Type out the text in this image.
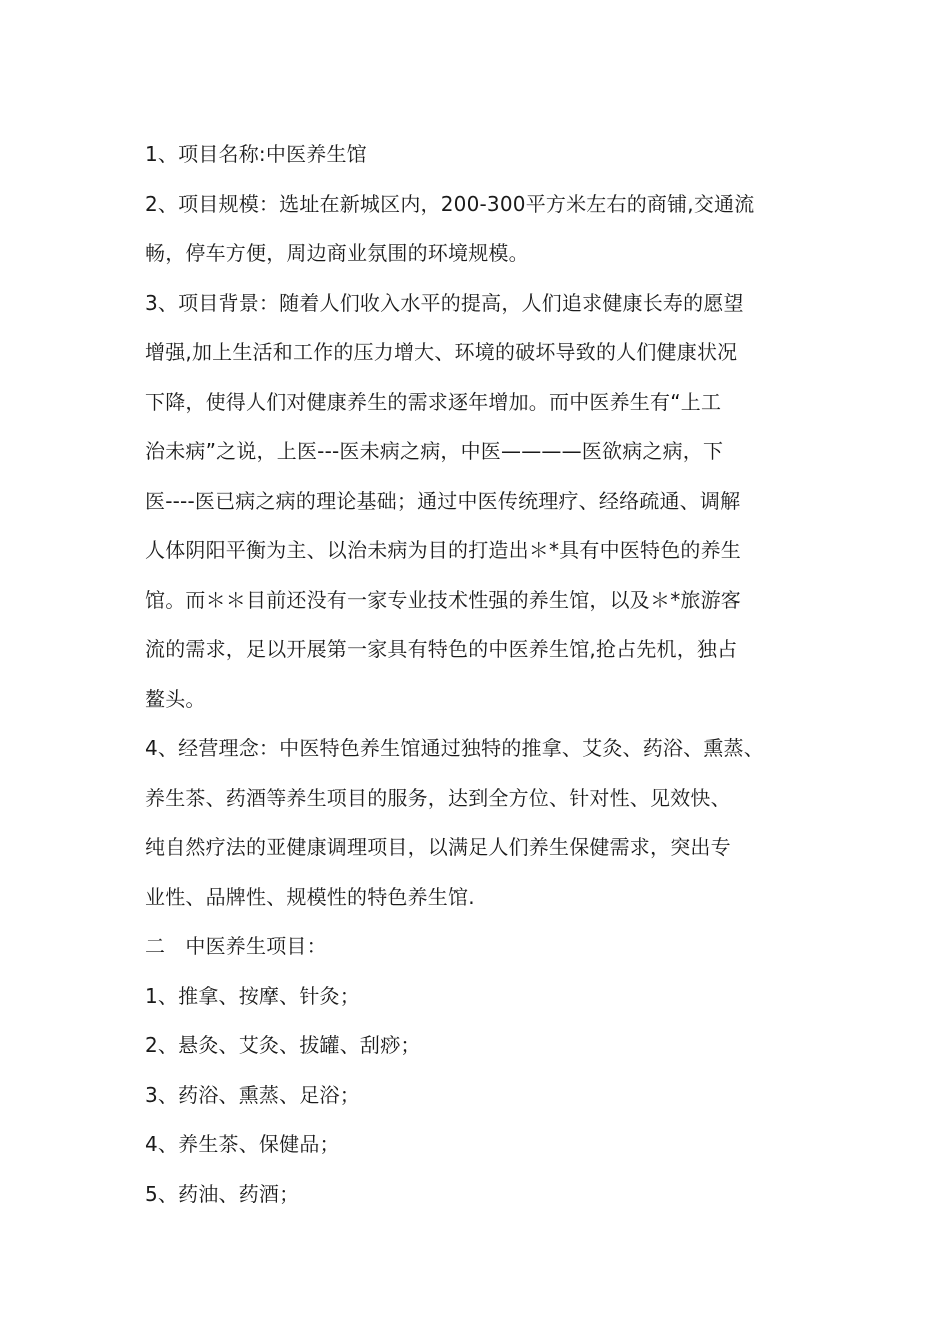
1、项目名称:中医养生馆
2、项目规模：选址在新城区内，200-300平方米左右的商铺,交通流
畅，停车方便，周边商业氛围的环境规模。
3、项目背景：随着人们收入水平的提高，人们追求健康长寿的愿望
增强,加上生活和工作的压力增大、环境的破坏导致的人们健康状况
下降，使得人们对健康养生的需求逐年增加。而中医养生有“上工
治未病”之说，上医---医未病之病，中医————医欲病之病，下
医----医已病之病的理论基础；通过中医传统理疗、经络疏通、调解
人体阴阳平衡为主、以治未病为目的打造出＊*具有中医特色的养生
馆。而＊＊目前还没有一家专业技术性强的养生馆，以及＊*旅游客
流的需求，足以开展第一家具有特色的中医养生馆,抢占先机，独占
鳌头。
4、经营理念：中医特色养生馆通过独特的推拿、艾灸、药浴、熏蒸、
养生茶、药酒等养生项目的服务，达到全方位、针对性、见效快、
纯自然疗法的亚健康调理项目，以满足人们养生保健需求，突出专
业性、品牌性、规模性的特色养生馆.
二　中医养生项目：
1、推拿、按摩、针灸；
2、悬灸、艾灸、拔罐、刮痧；
3、药浴、熏蒸、足浴；
4、养生茶、保健品；
5、药油、药酒；
